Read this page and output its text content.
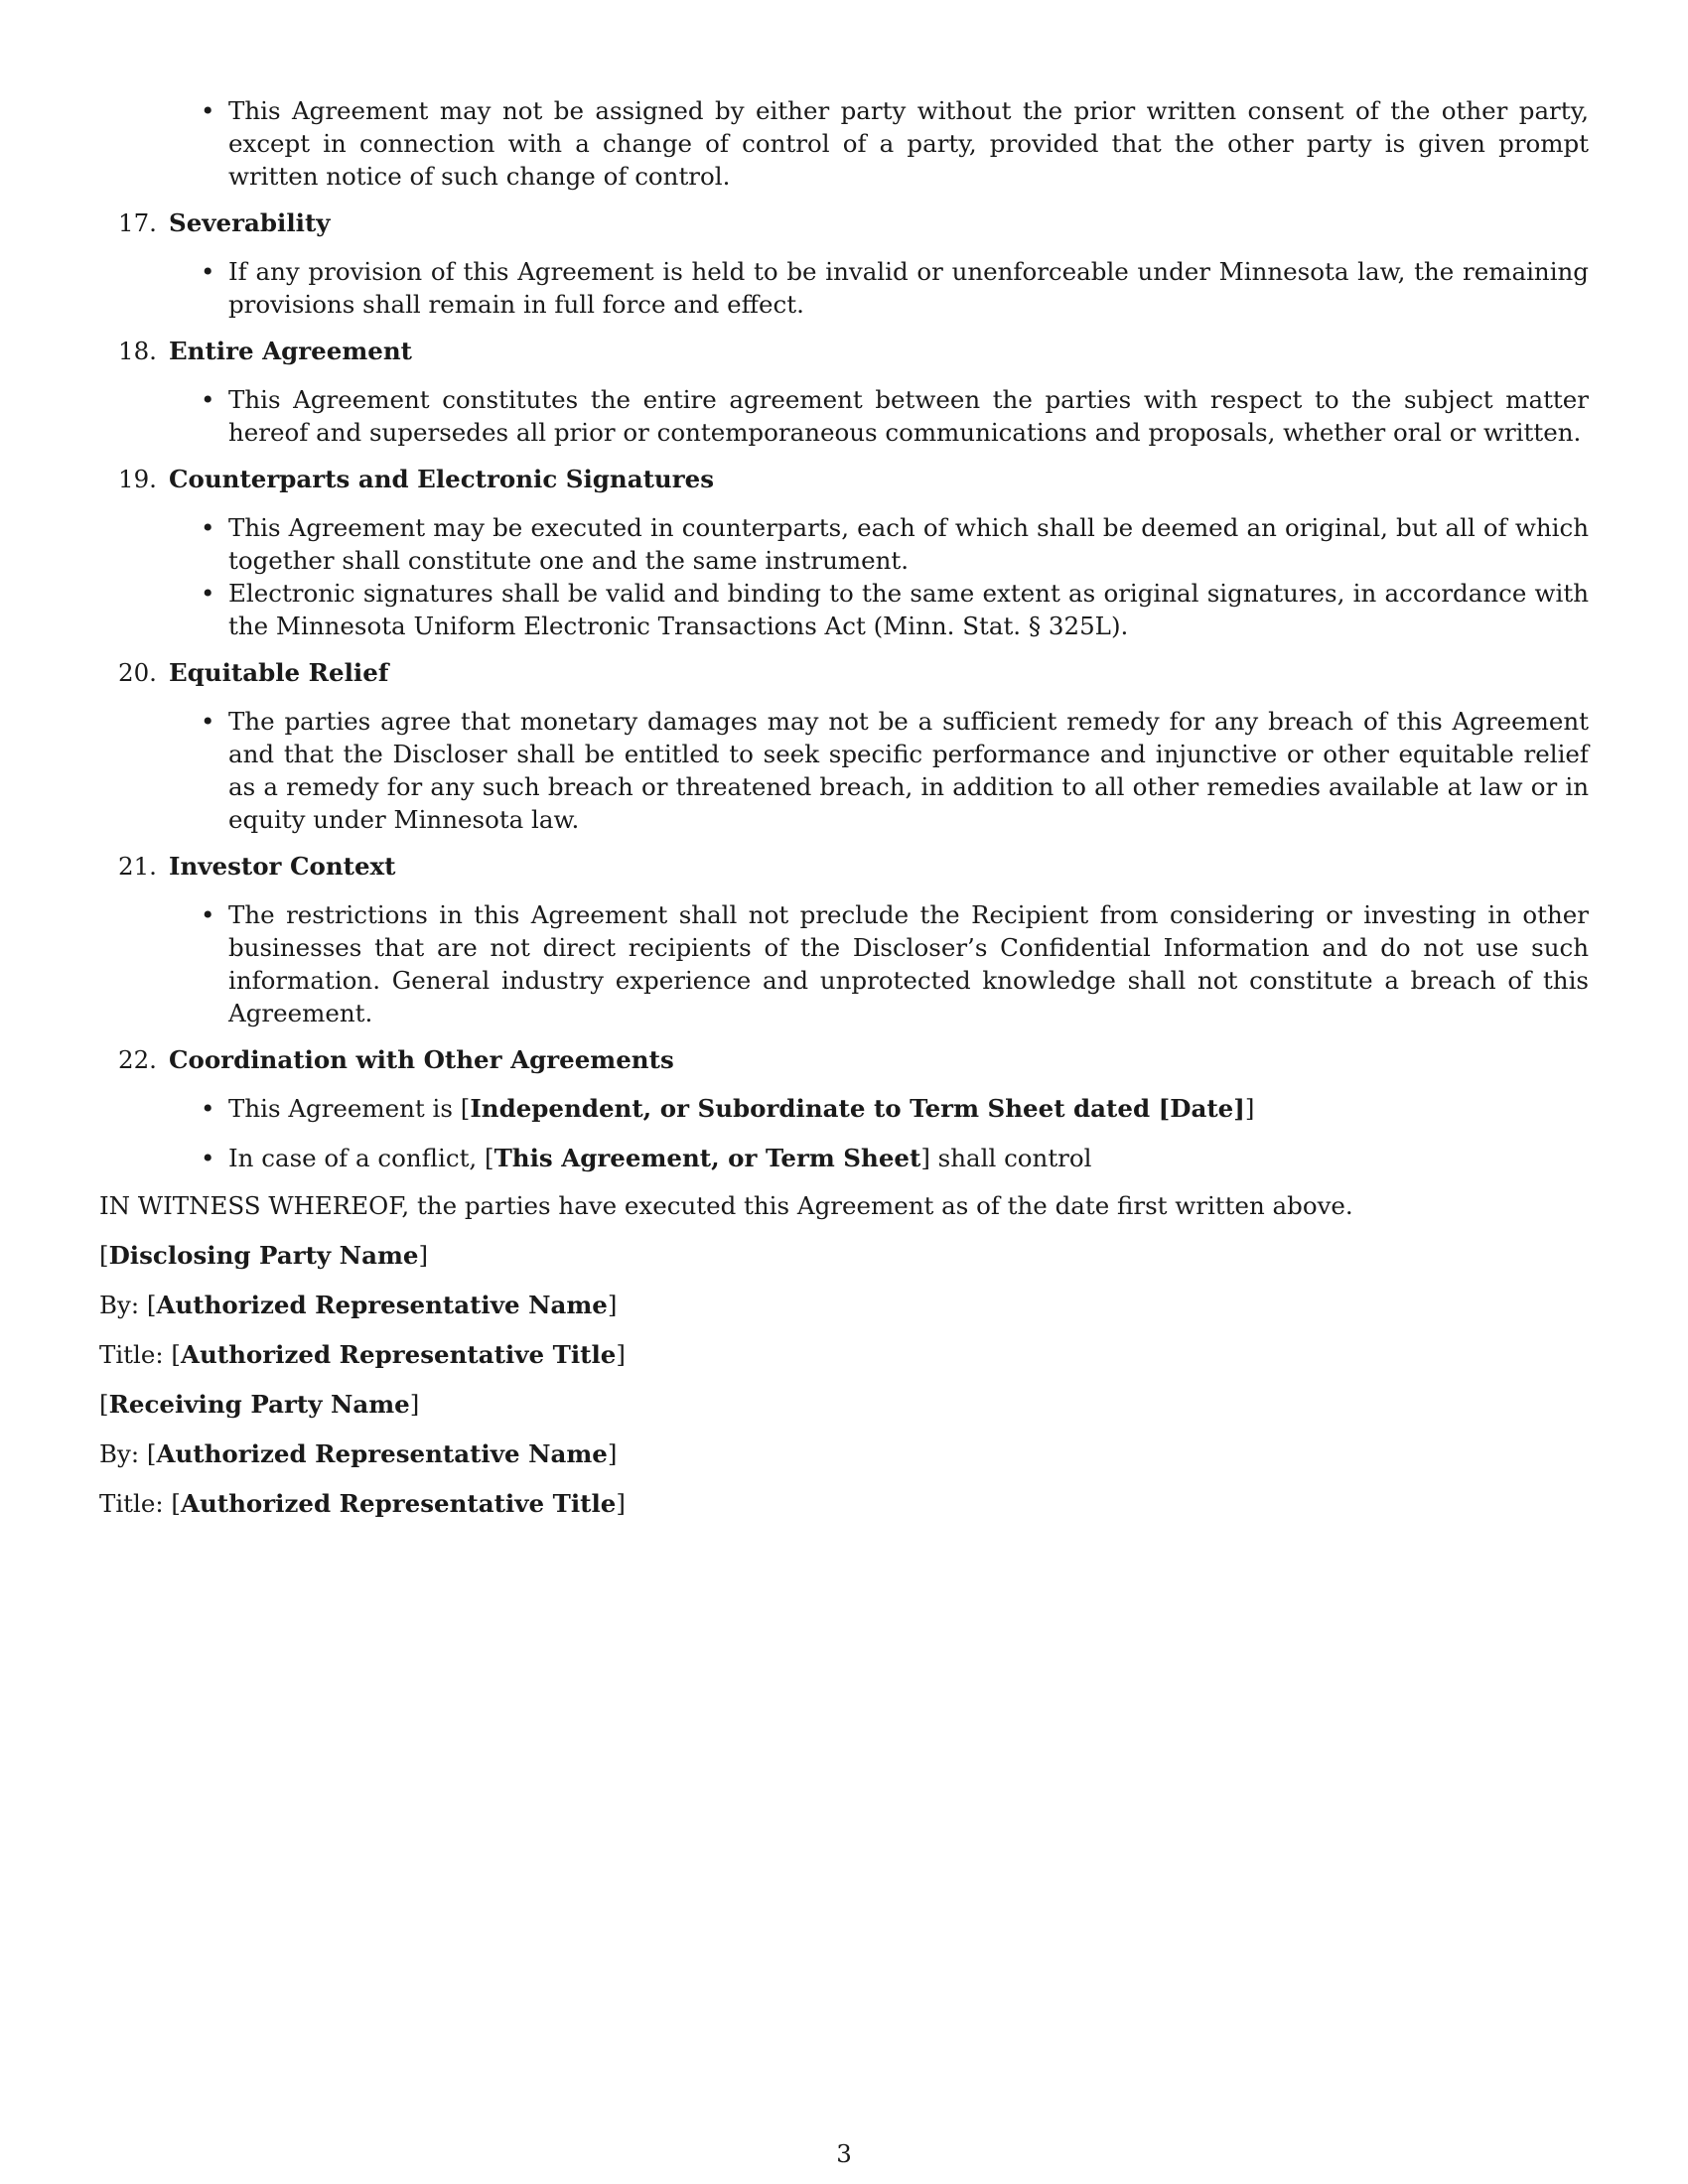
• This Agreement may not be assigned by either party without the prior written consent of the other party, except in connection with a change of control of a party, provided that the other party is given prompt written notice of such change of control.
17. Severability
• If any provision of this Agreement is held to be invalid or unenforceable under Minnesota law, the remaining provisions shall remain in full force and effect.
18. Entire Agreement
• This Agreement constitutes the entire agreement between the parties with respect to the subject matter hereof and supersedes all prior or contemporaneous communications and proposals, whether oral or written.
19. Counterparts and Electronic Signatures
• This Agreement may be executed in counterparts, each of which shall be deemed an original, but all of which together shall constitute one and the same instrument.
• Electronic signatures shall be valid and binding to the same extent as original signatures, in accordance with the Minnesota Uniform Electronic Transactions Act (Minn. Stat. § 325L).
20. Equitable Relief
• The parties agree that monetary damages may not be a sufficient remedy for any breach of this Agreement and that the Discloser shall be entitled to seek specific performance and injunctive or other equitable relief as a remedy for any such breach or threatened breach, in addition to all other remedies available at law or in equity under Minnesota law.
21. Investor Context
• The restrictions in this Agreement shall not preclude the Recipient from considering or investing in other businesses that are not direct recipients of the Discloser’s Confidential Information and do not use such information. General industry experience and unprotected knowledge shall not constitute a breach of this Agreement.
22. Coordination with Other Agreements
• This Agreement is [Independent, or Subordinate to Term Sheet dated [Date]]
• In case of a conflict, [This Agreement, or Term Sheet] shall control
IN WITNESS WHEREOF, the parties have executed this Agreement as of the date first written above.

[Disclosing Party Name]

By: [Authorized Representative Name]

Title: [Authorized Representative Title]

[Receiving Party Name]

By: [Authorized Representative Name]

Title: [Authorized Representative Title]

3
